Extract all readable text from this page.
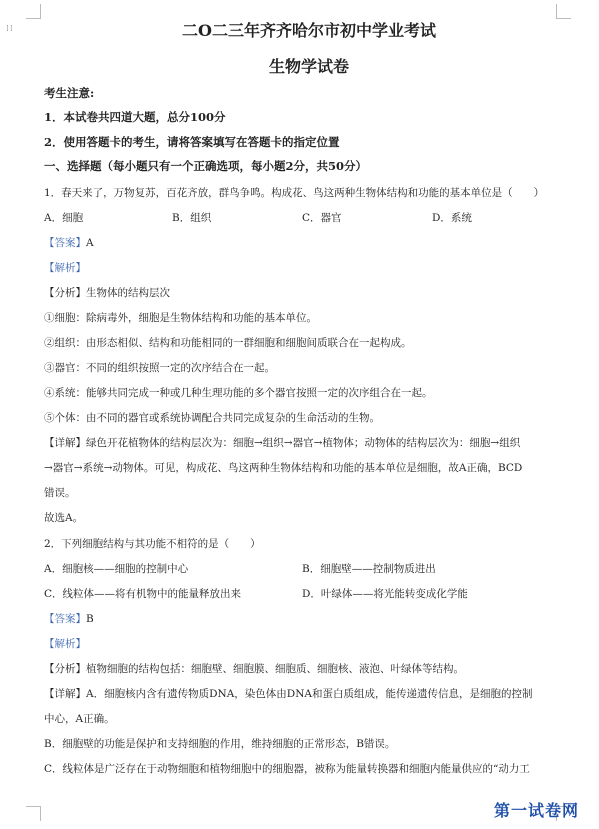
⁞⁞	二O二三年齐齐哈尔市初中学业考试
生物学试卷
考生注意:
1．本试卷共四道大题，总分100分
2．使用答题卡的考生，请将答案填写在答题卡的指定位置
一、选择题（每小题只有一个正确选项，每小题2分，共50分）
1．春天来了，万物复苏，百花齐放，群鸟争鸣。构成花、鸟这两种生物体结构和功能的基本单位是（　　）
A．细胞	B．组织	C．器官	D．系统
【答案】A
【解析】
【分析】生物体的结构层次
①细胞：除病毒外，细胞是生物体结构和功能的基本单位。
②组织：由形态相似、结构和功能相同的一群细胞和细胞间质联合在一起构成。
③器官：不同的组织按照一定的次序结合在一起。
④系统：能够共同完成一种或几种生理功能的多个器官按照一定的次序组合在一起。
⑤个体：由不同的器官或系统协调配合共同完成复杂的生命活动的生物。
【详解】绿色开花植物体的结构层次为：细胞→组织→器官→植物体；动物体的结构层次为：细胞→组织
→器官→系统→动物体。可见，构成花、鸟这两种生物体结构和功能的基本单位是细胞，故A正确，BCD
错误。
故选A。
2．下列细胞结构与其功能不相符的是（　　）
A．细胞核——细胞的控制中心	B．细胞壁——控制物质进出
C．线粒体——将有机物中的能量释放出来	D．叶绿体——将光能转变成化学能
【答案】B
【解析】
【分析】植物细胞的结构包括：细胞壁、细胞膜、细胞质、细胞核、液泡、叶绿体等结构。
【详解】A．细胞核内含有遗传物质DNA，染色体由DNA和蛋白质组成，能传递遗传信息，是细胞的控制
中心，A正确。
B．细胞壁的功能是保护和支持细胞的作用，维持细胞的正常形态，B错误。
C．线粒体是广泛存在于动物细胞和植物细胞中的细胞器，被称为能量转换器和细胞内能量供应的“动力工
第一试卷网
